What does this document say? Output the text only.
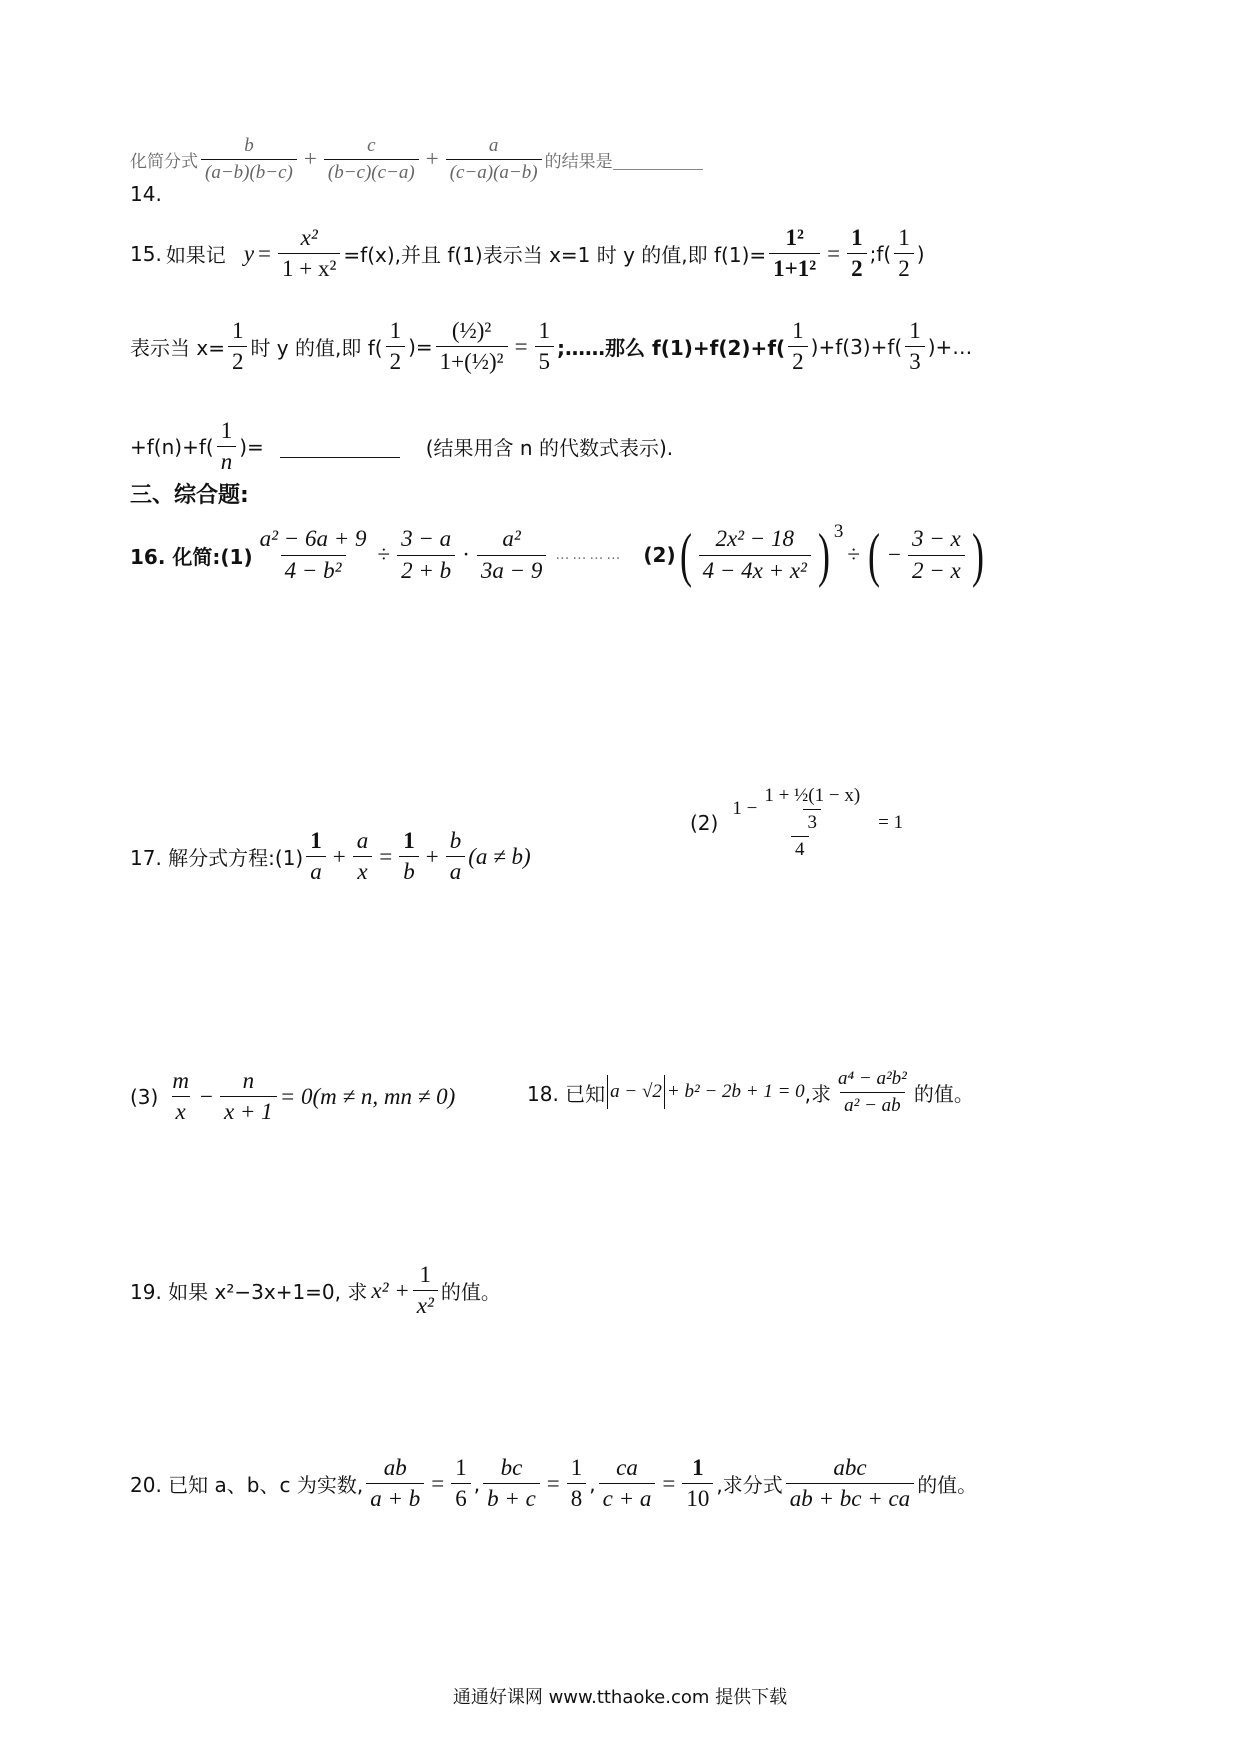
化简分式 $\frac{b}{(a-b)(b-c)} + \frac{c}{(b-c)(c-a)} + \frac{a}{(c-a)(a-b)}$ 的结果是
14.
15. 如果记 $y = \frac{\text{x²}}{\text{1 + x²}} =f(x)$,并且 f(1)表示当 x=1 时 y 的值,即 $f(1)= \frac{\text{1²}}{\text{1+1²}} = \frac{1}{2}$ ;f( $\frac{1}{2}$ )
表示当 $x= \frac{1}{2}$ 时 y 的值,即 $f( \frac{1}{2}$ )= $\frac{\text{(½)²}}{\text{1+(½)²}} = \frac{1}{5}$ ;……那么 $f(1)+f(2)+f( \frac{1}{2} )+f(3)+f( \frac{1}{3}$ )+…
$+f(n)+f( \frac{1}{n}$ )=	(结果用含 n 的代数式表示).
三、综合题:
16. 化简:(1) $\frac{\text{a² − 6a + 9}}{\text{4 − b²}} \div \frac{3 - a}{2 + b} \cdot \frac{\text{a²}}{3a - 9}$ ………… (2) ( $\frac{\text{2x² − 18}}{\text{4 − 4x + x²}}$ ) 3
÷ ( − $\frac{3 - x}{2 - x}$ )
17. 解分式方程:(1) $\frac{1}{a} + \frac{a}{x} = \frac{1}{b} + \frac{b}{a} (a \ne b)$
$(2) \frac{1 - \frac{\text{1 + ½(1 − x)}}{3}}{4} = 1$
$(3) \frac{m}{x} - \frac{n}{x + 1} = 0(m \ne n$, mn ≠ 0)	18. 已知 a − √2 + b² − 2b + 1 = 0 ,求 $\frac{\text{a⁴ − a²b²}}{\text{a² − ab}}$ 的值。
19. 如果 x²−3x+1=0, 求 $x^2 + \frac{1}{\text{x²}}$ 的值。
20. 已知 a、b、c 为实数, $\frac{ab}{a + b} = \frac{1}{6}$ , $\frac{bc}{b + c} = \frac{1}{8}$ , $\frac{ca}{c + a} = \frac{1}{10}$ ,求分式 $\frac{\text{abc}}{ab + bc + ca}$ 的值。
通通好课网 www.tthaoke.com 提供下载
